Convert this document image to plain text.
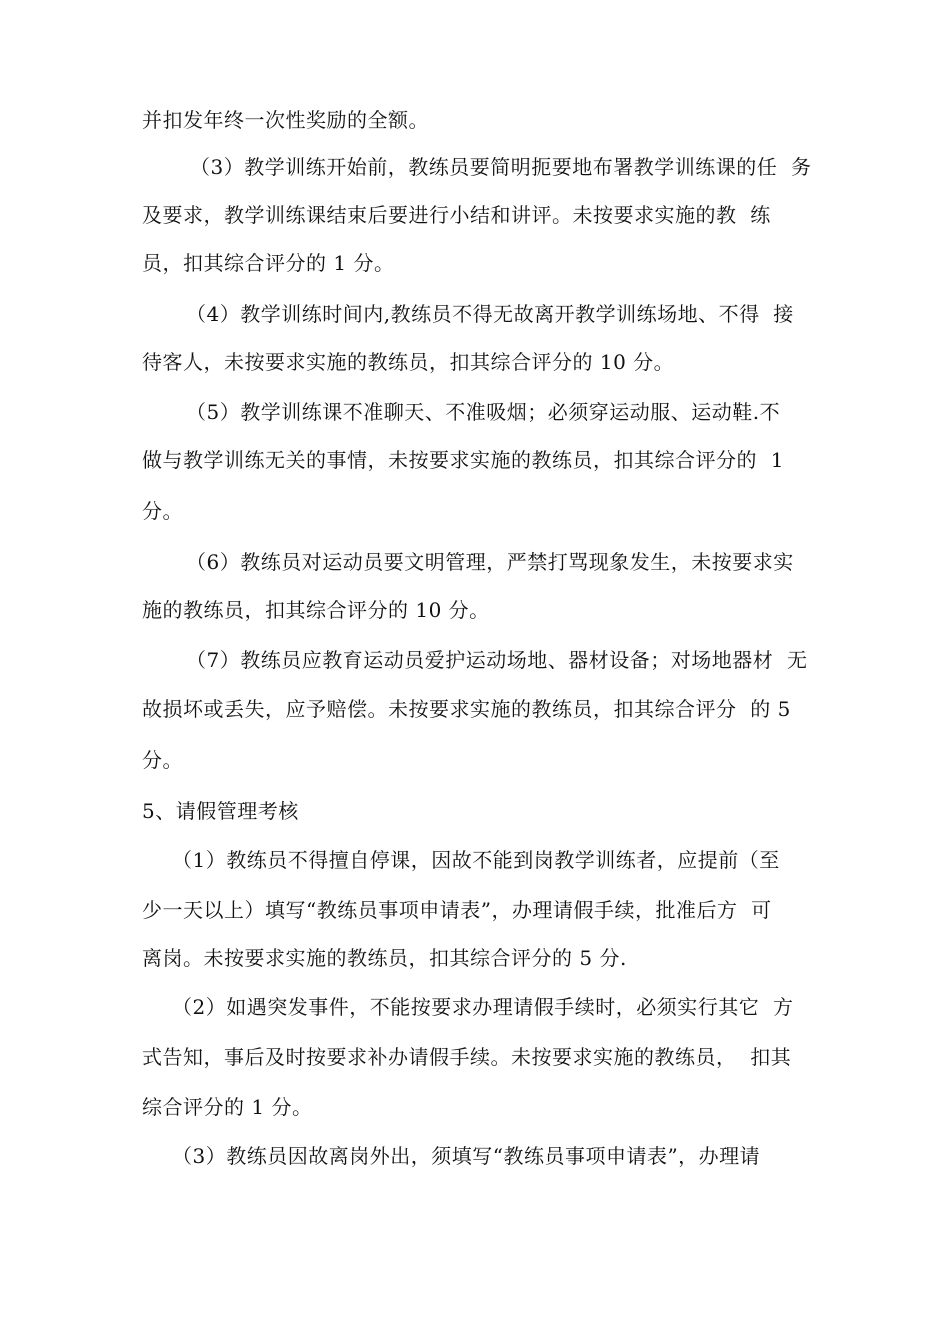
并扣发年终一次性奖励的全额。
（3）教学训练开始前，教练员要简明扼要地布署教学训练课的任  务
及要求，教学训练课结束后要进行小结和讲评。未按要求实施的教  练
员，扣其综合评分的 1 分。
（4）教学训练时间内,教练员不得无故离开教学训练场地、不得  接
待客人，未按要求实施的教练员，扣其综合评分的 10 分。
（5）教学训练课不准聊天、不准吸烟；必须穿运动服、运动鞋.不
做与教学训练无关的事情，未按要求实施的教练员，扣其综合评分的  1
分。
（6）教练员对运动员要文明管理，严禁打骂现象发生，未按要求实
施的教练员，扣其综合评分的 10 分。
（7）教练员应教育运动员爱护运动场地、器材设备；对场地器材  无
故损坏或丢失，应予赔偿。未按要求实施的教练员，扣其综合评分  的 5
分。
5、请假管理考核
（1）教练员不得擅自停课，因故不能到岗教学训练者，应提前（至
少一天以上）填写“教练员事项申请表”，办理请假手续，批准后方  可
离岗。未按要求实施的教练员，扣其综合评分的 5 分.
（2）如遇突发事件，不能按要求办理请假手续时，必须实行其它  方
式告知，事后及时按要求补办请假手续。未按要求实施的教练员，  扣其
综合评分的 1 分。
（3）教练员因故离岗外出，须填写“教练员事项申请表”，办理请
